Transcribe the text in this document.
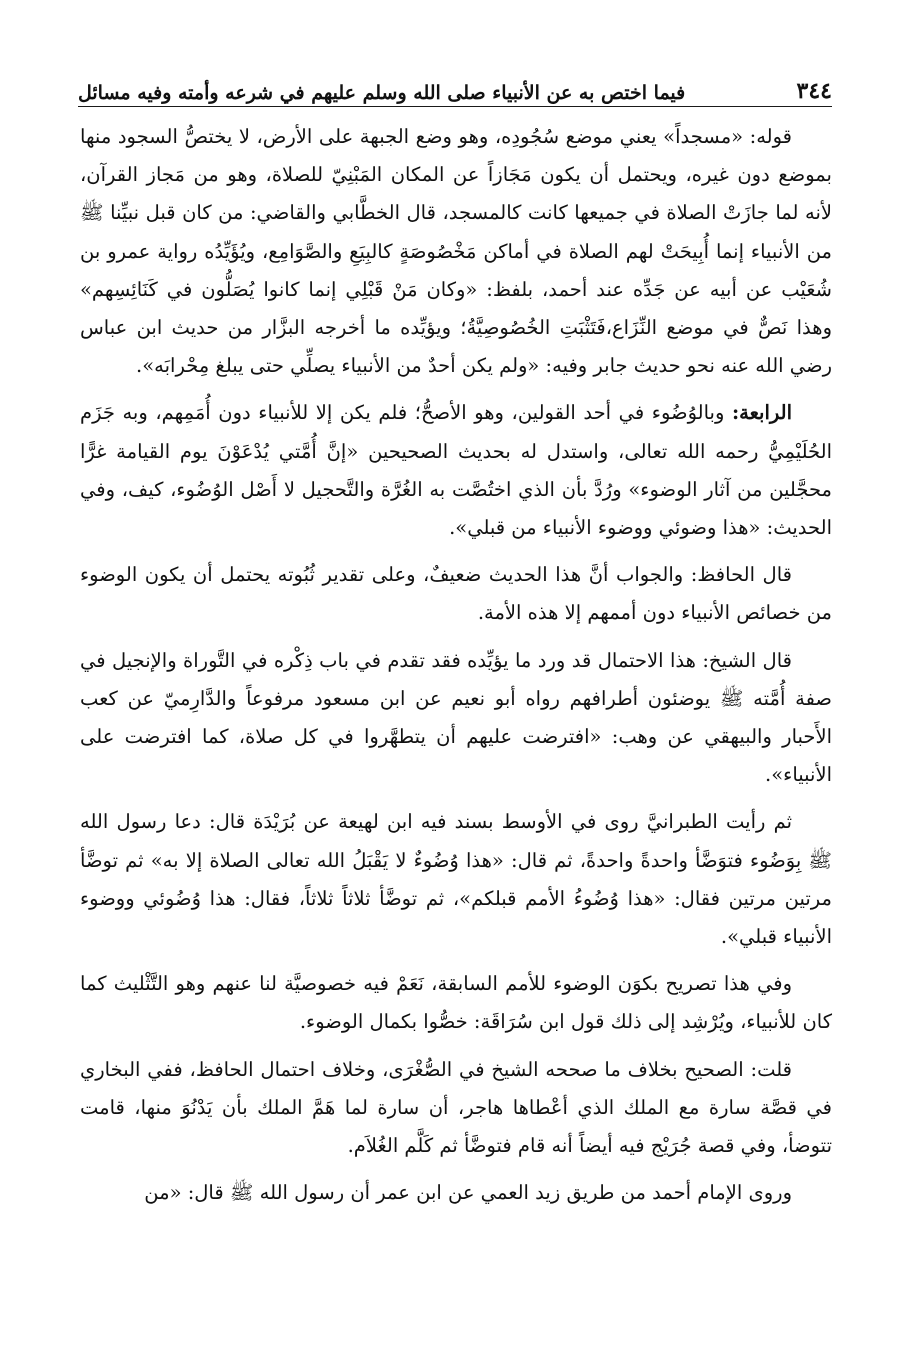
٣٤٤
فيما اختص به عن الأنبياء صلى الله وسلم عليهم في شرعه وأمته وفيه مسائل

قوله: «مسجداً» يعني موضع سُجُودِه، وهو وضع الجبهة على الأرض، لا يختصُّ السجود منها بموضع دون غيره، ويحتمل أن يكون مَجَازاً عن المكان المَبْنِيّ للصلاة، وهو من مَجاز القرآن، لأنه لما جازَتْ الصلاة في جميعها كانت كالمسجد، قال الخطَّابي والقاضي: من كان قبل نبيِّنا ﷺ من الأنبياء إنما أُبِيحَتْ لهم الصلاة في أماكن مَخْصُوصَةٍ كالبِيَعِ والصَّوَامِع، ويُؤَيِّدُه رواية عمرو بن شُعَيْب عن أبيه عن جَدِّه عند أحمد، بلفظ: «وكان مَنْ قَبْلِي إنما كانوا يُصَلُّون في كَنَائِسِهم» وهذا نَصٌّ في موضع النِّزَاع،فَتَثْبَتِ الخُصُوصِيَّةُ؛ ويؤيِّده ما أخرجه البزَّار من حديث ابن عباس رضي الله عنه نحو حديث جابر وفيه: «ولم يكن أحدٌ من الأنبياء يصلِّي حتى يبلغ مِحْرابَه».

الرابعة: وبالوُضُوء في أحد القولين، وهو الأصحُّ؛ فلم يكن إلا للأنبياء دون أُمَمِهم، وبه جَزَم الحُلَيْمِيُّ رحمه الله تعالى، واستدل له بحديث الصحيحين «إنَّ أُمَّتي يُدْعَوْنَ يوم القيامة غرًّا محجَّلين من آثار الوضوء» ورُدَّ بأن الذي اختُصَّت به الغُرَّة والتَّحجيل لا أَصْل الوُضُوء، كيف، وفي الحديث: «هذا وضوئي ووضوء الأنبياء من قبلي».

قال الحافظ: والجواب أنَّ هذا الحديث ضعيفٌ، وعلى تقدير ثُبُوته يحتمل أن يكون الوضوء من خصائص الأنبياء دون أممهم إلا هذه الأمة.

قال الشيخ: هذا الاحتمال قد ورد ما يؤيِّده فقد تقدم في باب ذِكْره في التَّوراة والإنجيل في صفة أُمَّته ﷺ يوضئون أطرافهم رواه أبو نعيم عن ابن مسعود مرفوعاً والدَّارِميّ عن كعب الأَحبار والبيهقي عن وهب: «افترضت عليهم أن يتطهَّروا في كل صلاة، كما افترضت على الأنبياء».

ثم رأيت الطبرانيَّ روى في الأوسط بسند فيه ابن لهيعة عن بُرَيْدَة قال: دعا رسول الله ﷺ بِوَضُوء فتوَضَّأ واحدةً واحدةً، ثم قال: «هذا وُضُوءٌ لا يَقْبَلُ الله تعالى الصلاة إلا به» ثم توضَّأ مرتين مرتين فقال: «هذا وُضُوءُ الأمم قبلكم»، ثم توضَّأ ثلاثاً ثلاثاً، فقال: هذا وُضُوئي ووضوء الأنبياء قبلي».

وفي هذا تصريح بكوَن الوضوء للأمم السابقة، نَعَمْ فيه خصوصيَّة لنا عنهم وهو التَّثْليث كما كان للأنبياء، ويُرْشِد إلى ذلك قول ابن سُرَاقَة: خصُّوا بكمال الوضوء.

قلت: الصحيح بخلاف ما صححه الشيخ في الصُّغْرَى، وخلاف احتمال الحافظ، ففي البخاري في قصَّة سارة مع الملك الذي أعْطاها هاجر، أن سارة لما هَمَّ الملك بأن يَدْنُوَ منها، قامت تتوضأ، وفي قصة جُرَيْج فيه أيضاً أنه قام فتوضَّأ ثم كَلَّم الغُلاَم.

وروى الإمام أحمد من طريق زيد العمي عن ابن عمر أن رسول الله ﷺ قال: «من
